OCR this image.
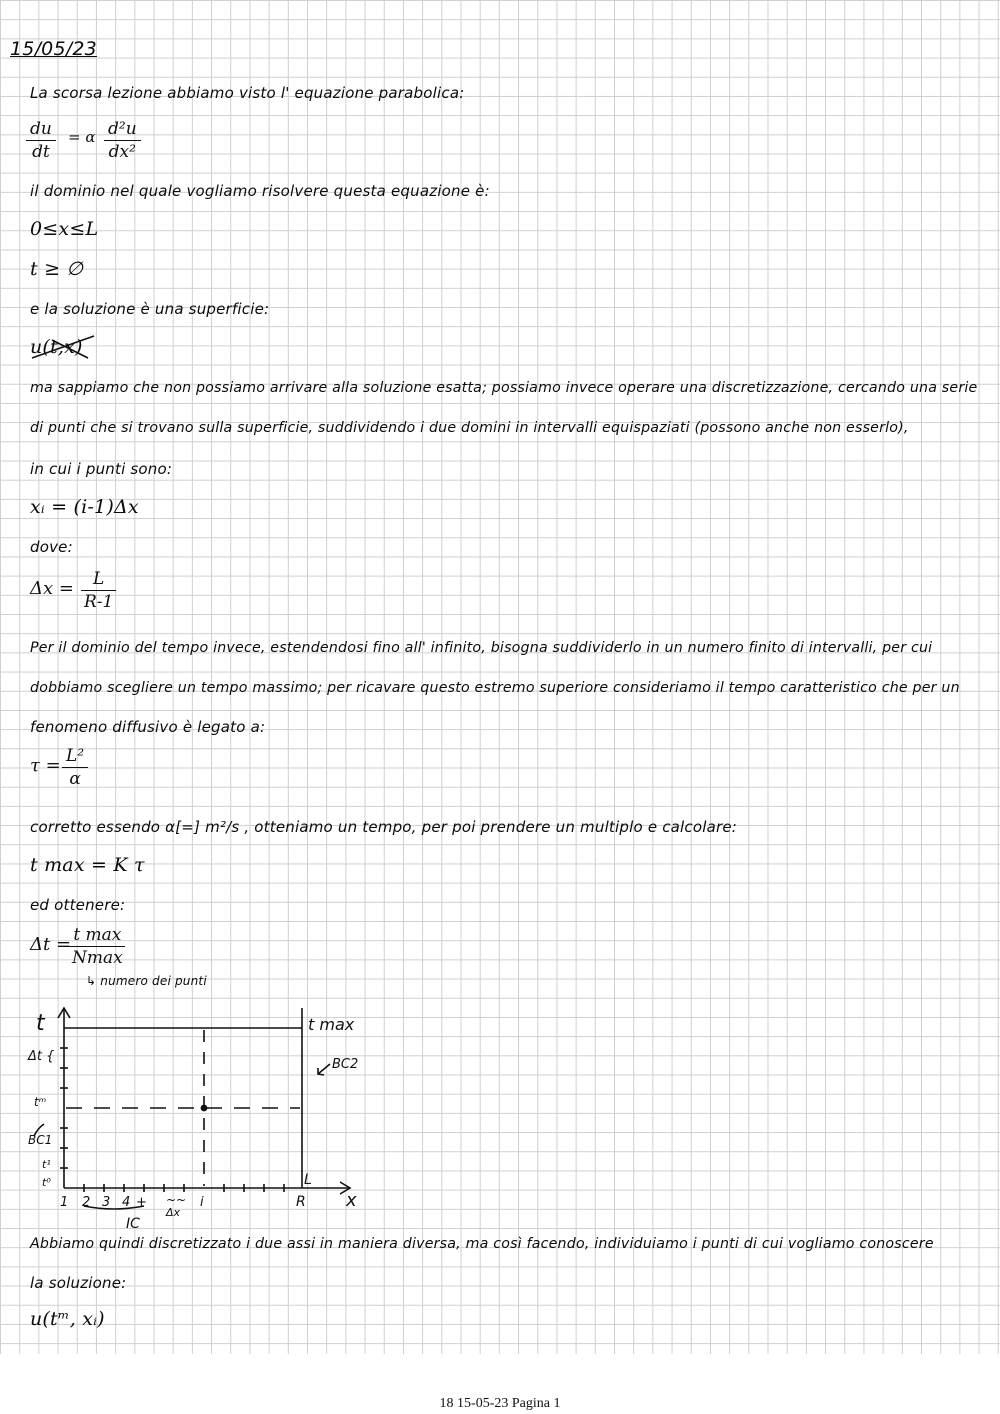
15/05/23
La scorsa lezione abbiamo visto l' equazione parabolica:
$\frac{du}{dt} = \alpha \frac{\text{d²u}}{\text{dx²}}$
il dominio nel quale vogliamo risolvere questa equazione è:
0≤x≤L
t ≥ ∅
e la soluzione è una superficie:
u(t,x)
ma sappiamo che non possiamo arrivare alla soluzione esatta; possiamo invece operare una discretizzazione, cercando una serie
di punti che si trovano sulla superficie, suddividendo i due domini in intervalli equispaziati (possono anche non esserlo),
in cui i punti sono:
xᵢ = (i-1)Δx
dove:
$\Delta x = \frac{L}{R-1}$
Per il dominio del tempo invece, estendendosi fino all' infinito, bisogna suddividerlo in un numero finito di intervalli, per cui
dobbiamo scegliere un tempo massimo; per ricavare questo estremo superiore consideriamo il tempo caratteristico che per un
fenomeno diffusivo è legato a:
$\tau = \frac{\text{L²}}{\alpha}$
corretto essendo α[=] m²/s , otteniamo un tempo, per poi prendere un multiplo e calcolare:
t max = K τ
ed ottenere:
Δt = t max
Nmax
↳ numero dei punti
t
x
t max
BC2
Δt {
tᵐ
BC1
t¹
t⁰	L
1 2 3 4 + ~~ i	R
Δx
IC
Abbiamo quindi discretizzato i due assi in maniera diversa, ma così facendo, individuiamo i punti di cui vogliamo conoscere
la soluzione:
u(tᵐ, xᵢ)
18 15-05-23 Pagina 1
